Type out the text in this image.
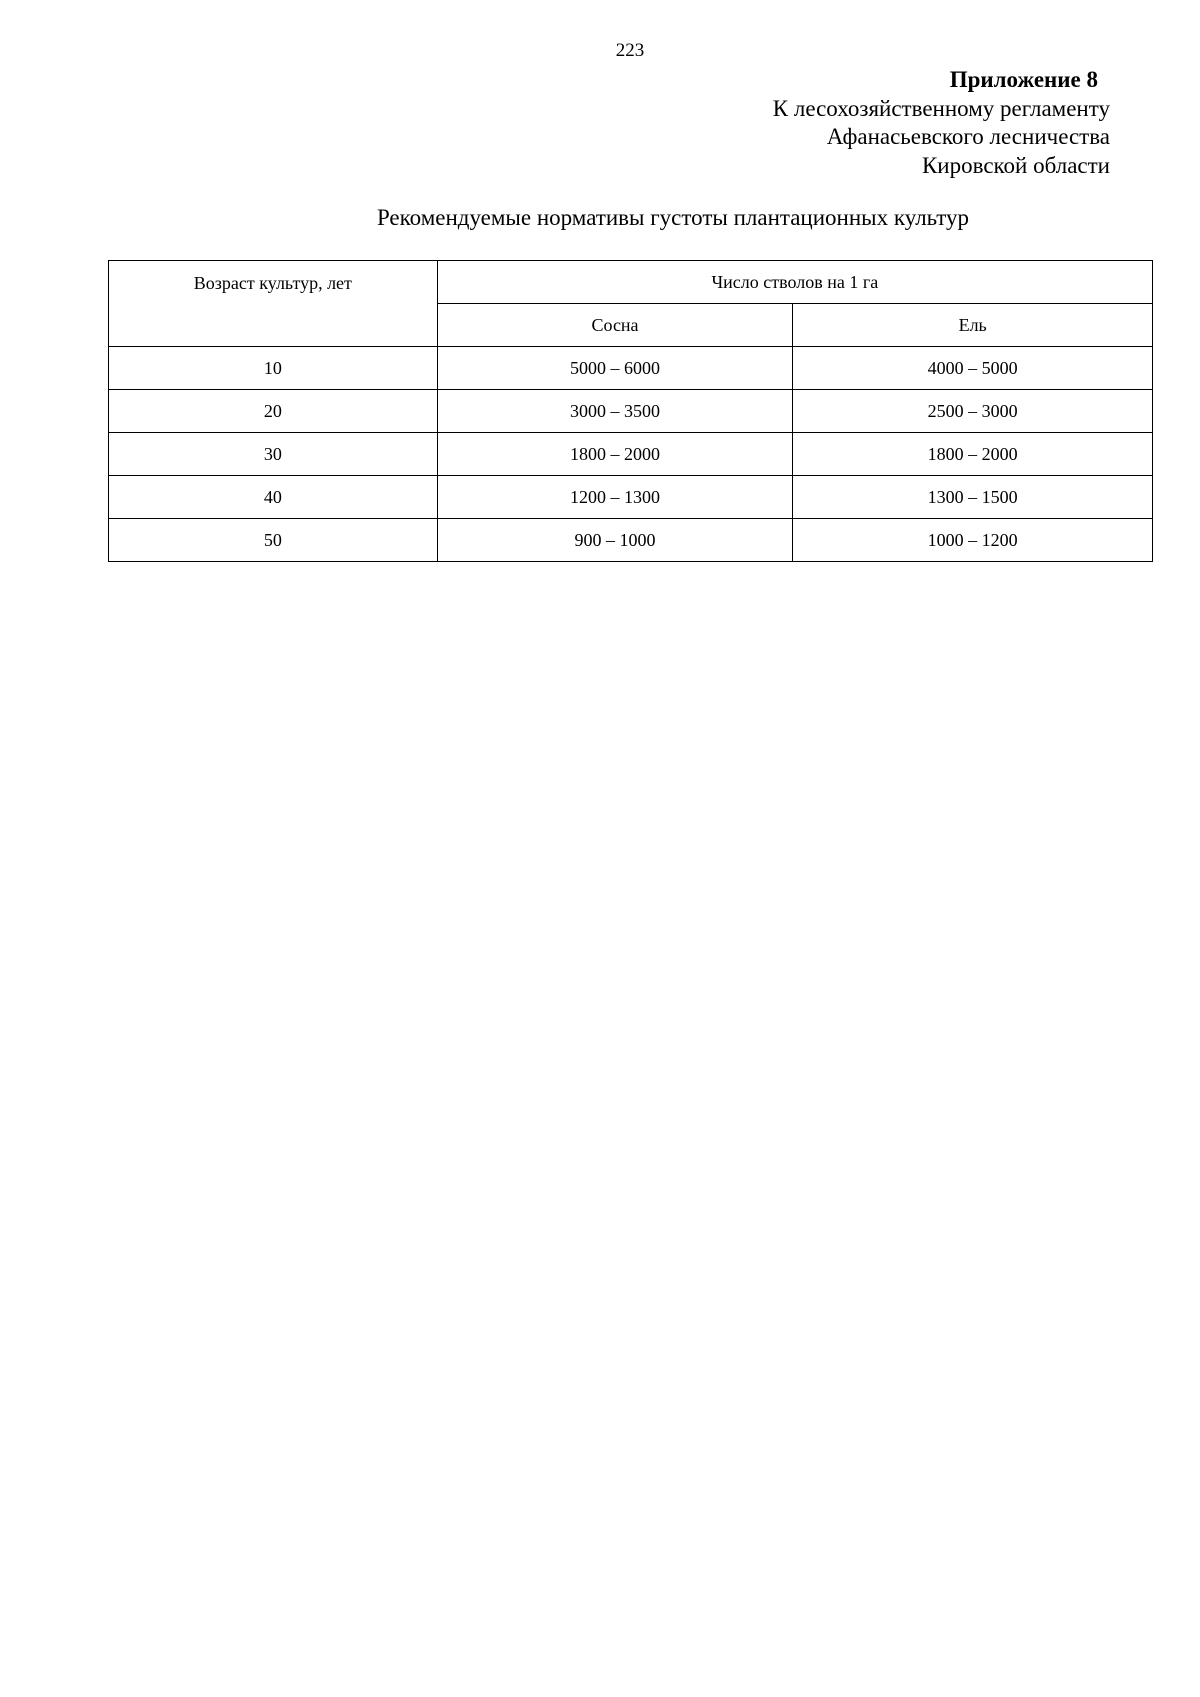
223
Приложение 8
К лесохозяйственному регламенту
Афанасьевского лесничества
Кировской области
Рекомендуемые нормативы густоты плантационных культур
Возраст культур, лет	Число стволов на 1 га	
	Сосна	Ель
10	5000 – 6000	4000 – 5000
20	3000 – 3500	2500 – 3000
30	1800 – 2000	1800 – 2000
40	1200 – 1300	1300 – 1500
50	900 – 1000	1000 – 1200
